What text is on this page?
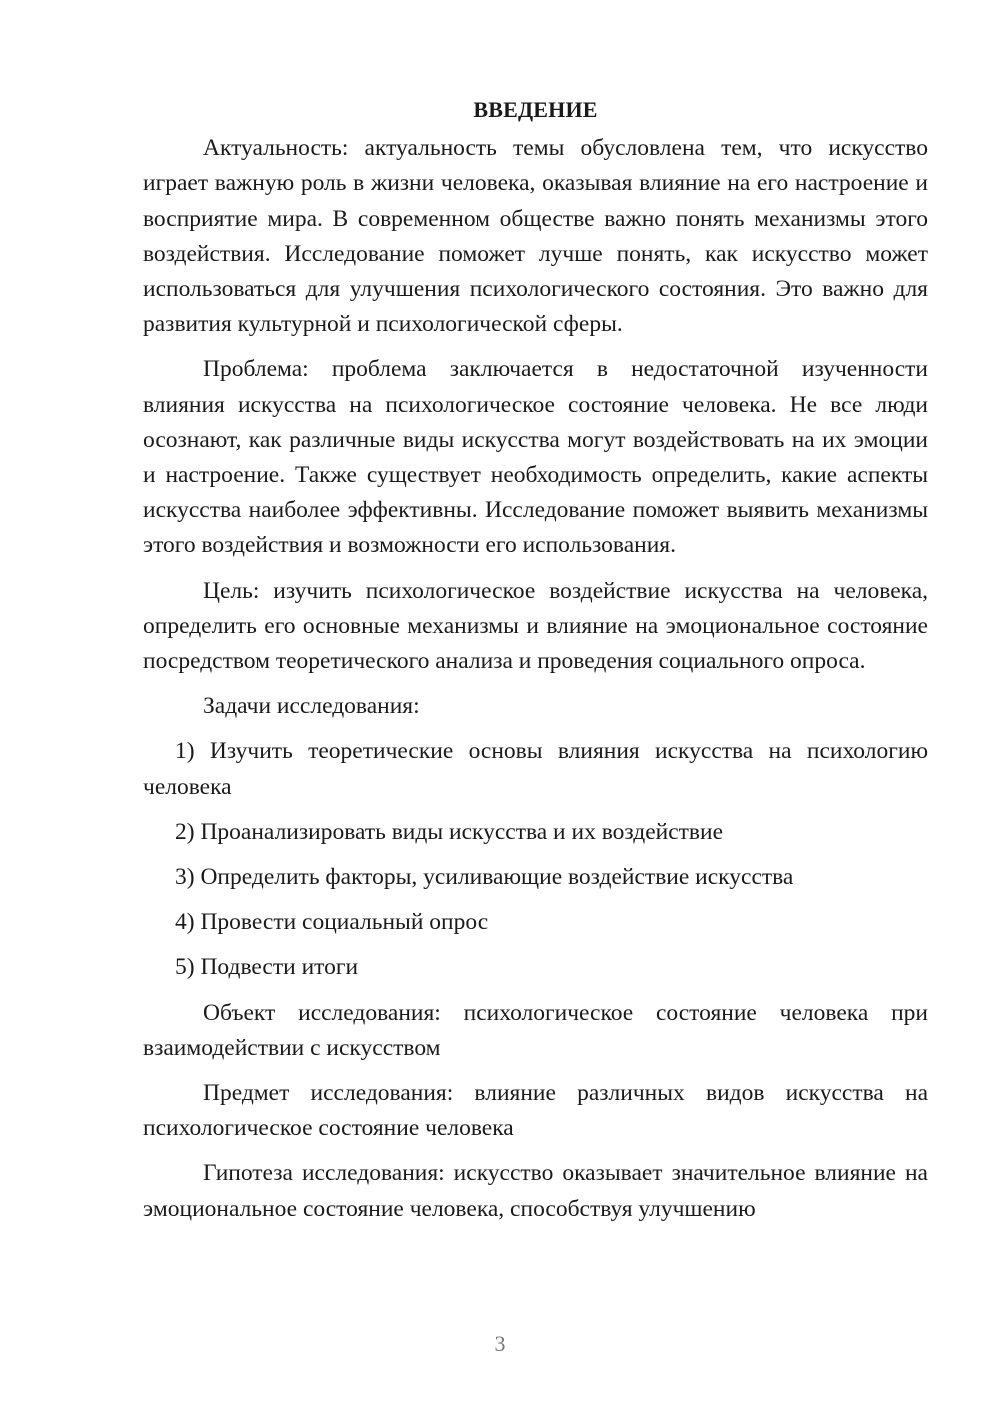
ВВЕДЕНИЕ

Актуальность: актуальность темы обусловлена тем, что искусство играет важную роль в жизни человека, оказывая влияние на его настроение и восприятие мира. В современном обществе важно понять механизмы этого воздействия. Исследование поможет лучше понять, как искусство может использоваться для улучшения психологического состояния. Это важно для развития культурной и психологической сферы.

Проблема: проблема заключается в недостаточной изученности влияния искусства на психологическое состояние человека. Не все люди осознают, как различные виды искусства могут воздействовать на их эмоции и настроение. Также существует необходимость определить, какие аспекты искусства наиболее эффективны. Исследование поможет выявить механизмы этого воздействия и возможности его использования.

Цель: изучить психологическое воздействие искусства на человека, определить его основные механизмы и влияние на эмоциональное состояние посредством теоретического анализа и проведения социального опроса.

Задачи исследования:

1) Изучить теоретические основы влияния искусства на психологию человека

2) Проанализировать виды искусства и их воздействие

3) Определить факторы, усиливающие воздействие искусства

4) Провести социальный опрос

5) Подвести итоги

Объект исследования: психологическое состояние человека при взаимодействии с искусством

Предмет исследования: влияние различных видов искусства на психологическое состояние человека

Гипотеза исследования: искусство оказывает значительное влияние на эмоциональное состояние человека, способствуя улучшению

3
